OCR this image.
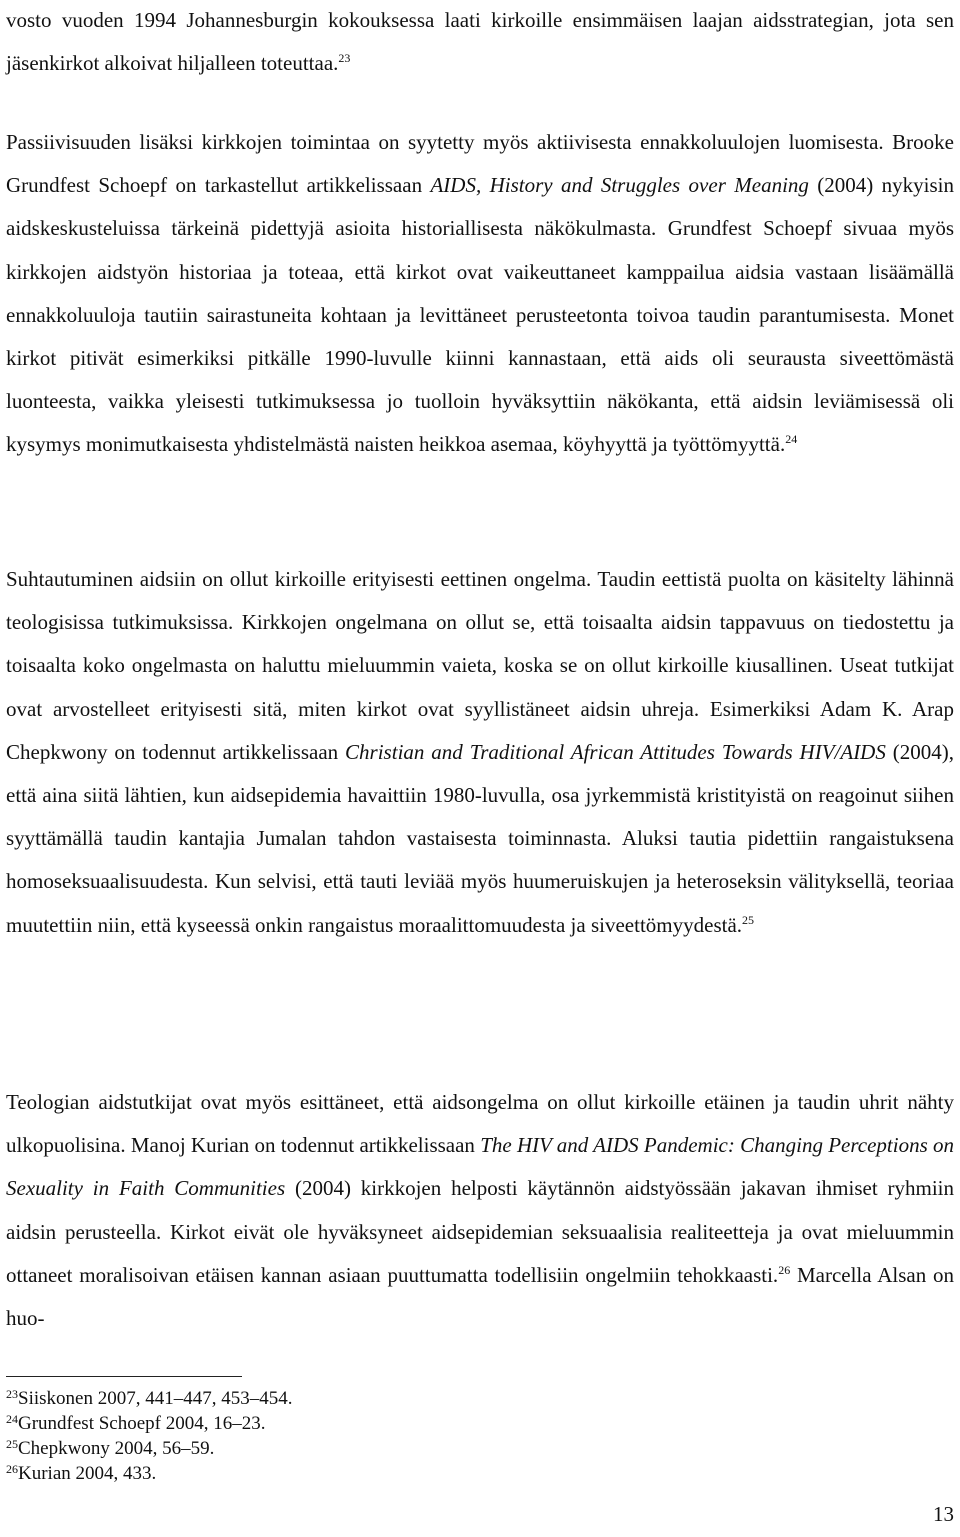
vosto vuoden 1994 Johannesburgin kokouksessa laati kirkoille ensimmäisen laajan aidsstrategian, jota sen jäsenkirkot alkoivat hiljalleen toteuttaa.$^{23}$

Passiivisuuden lisäksi kirkkojen toimintaa on syytetty myös aktiivisesta ennakkoluulojen luomisesta. Brooke Grundfest Schoepf on tarkastellut artikkelissaan AIDS, History and Struggles over Meaning (2004) nykyisin aidskeskusteluissa tärkeinä pidettyjä asioita historiallisesta näkökulmasta. Grundfest Schoepf sivuaa myös kirkkojen aidstyön historiaa ja toteaa, että kirkot ovat vaikeuttaneet kamppailua aidsia vastaan lisäämällä ennakkoluuloja tautiin sairastuneita kohtaan ja levittäneet perusteetonta toivoa taudin parantumisesta. Monet kirkot pitivät esimerkiksi pitkälle 1990-luvulle kiinni kannastaan, että aids oli seurausta siveettömästä luonteesta, vaikka yleisesti tutkimuksessa jo tuolloin hyväksyttiin näkökanta, että aidsin leviämisessä oli kysymys monimutkaisesta yhdistelmästä naisten heikkoa asemaa, köyhyyttä ja työttömyyttä.$^{24}$

Suhtautuminen aidsiin on ollut kirkoille erityisesti eettinen ongelma. Taudin eettistä puolta on käsitelty lähinnä teologisissa tutkimuksissa. Kirkkojen ongelmana on ollut se, että toisaalta aidsin tappavuus on tiedostettu ja toisaalta koko ongelmasta on haluttu mieluummin vaieta, koska se on ollut kirkoille kiusallinen. Useat tutkijat ovat arvostelleet erityisesti sitä, miten kirkot ovat syyllistäneet aidsin uhreja. Esimerkiksi Adam K. Arap Chepkwony on todennut artikkelissaan Christian and Traditional African Attitudes Towards HIV/AIDS (2004), että aina siitä lähtien, kun aidsepidemia havaittiin 1980-luvulla, osa jyrkemmistä kristityistä on reagoinut siihen syyttämällä taudin kantajia Jumalan tahdon vastaisesta toiminnasta. Aluksi tautia pidettiin rangaistuksena homoseksuaalisuudesta. Kun selvisi, että tauti leviää myös huumeruiskujen ja heteroseksin välityksellä, teoriaa muutettiin niin, että kyseessä onkin rangaistus moraalittomuudesta ja siveettömyydestä.$^{25}$

Teologian aidstutkijat ovat myös esittäneet, että aidsongelma on ollut kirkoille etäinen ja taudin uhrit nähty ulkopuolisina. Manoj Kurian on todennut artikkelissaan The HIV and AIDS Pandemic: Changing Perceptions on Sexuality in Faith Communities (2004) kirkkojen helposti käytännön aidstyössään jakavan ihmiset ryhmiin aidsin perusteella. Kirkot eivät ole hyväksyneet aidsepidemian seksuaalisia realiteetteja ja ovat mieluummin ottaneet moralisoivan etäisen kannan asiaan puuttumatta todellisiin ongelmiin tehokkaasti.$^{26}$ Marcella Alsan on huo-

$^{23}$Siiskonen 2007, 441–447, 453–454.
$^{24}$Grundfest Schoepf 2004, 16–23.
$^{25}$Chepkwony 2004, 56–59.
$^{26}$Kurian 2004, 433.
13
